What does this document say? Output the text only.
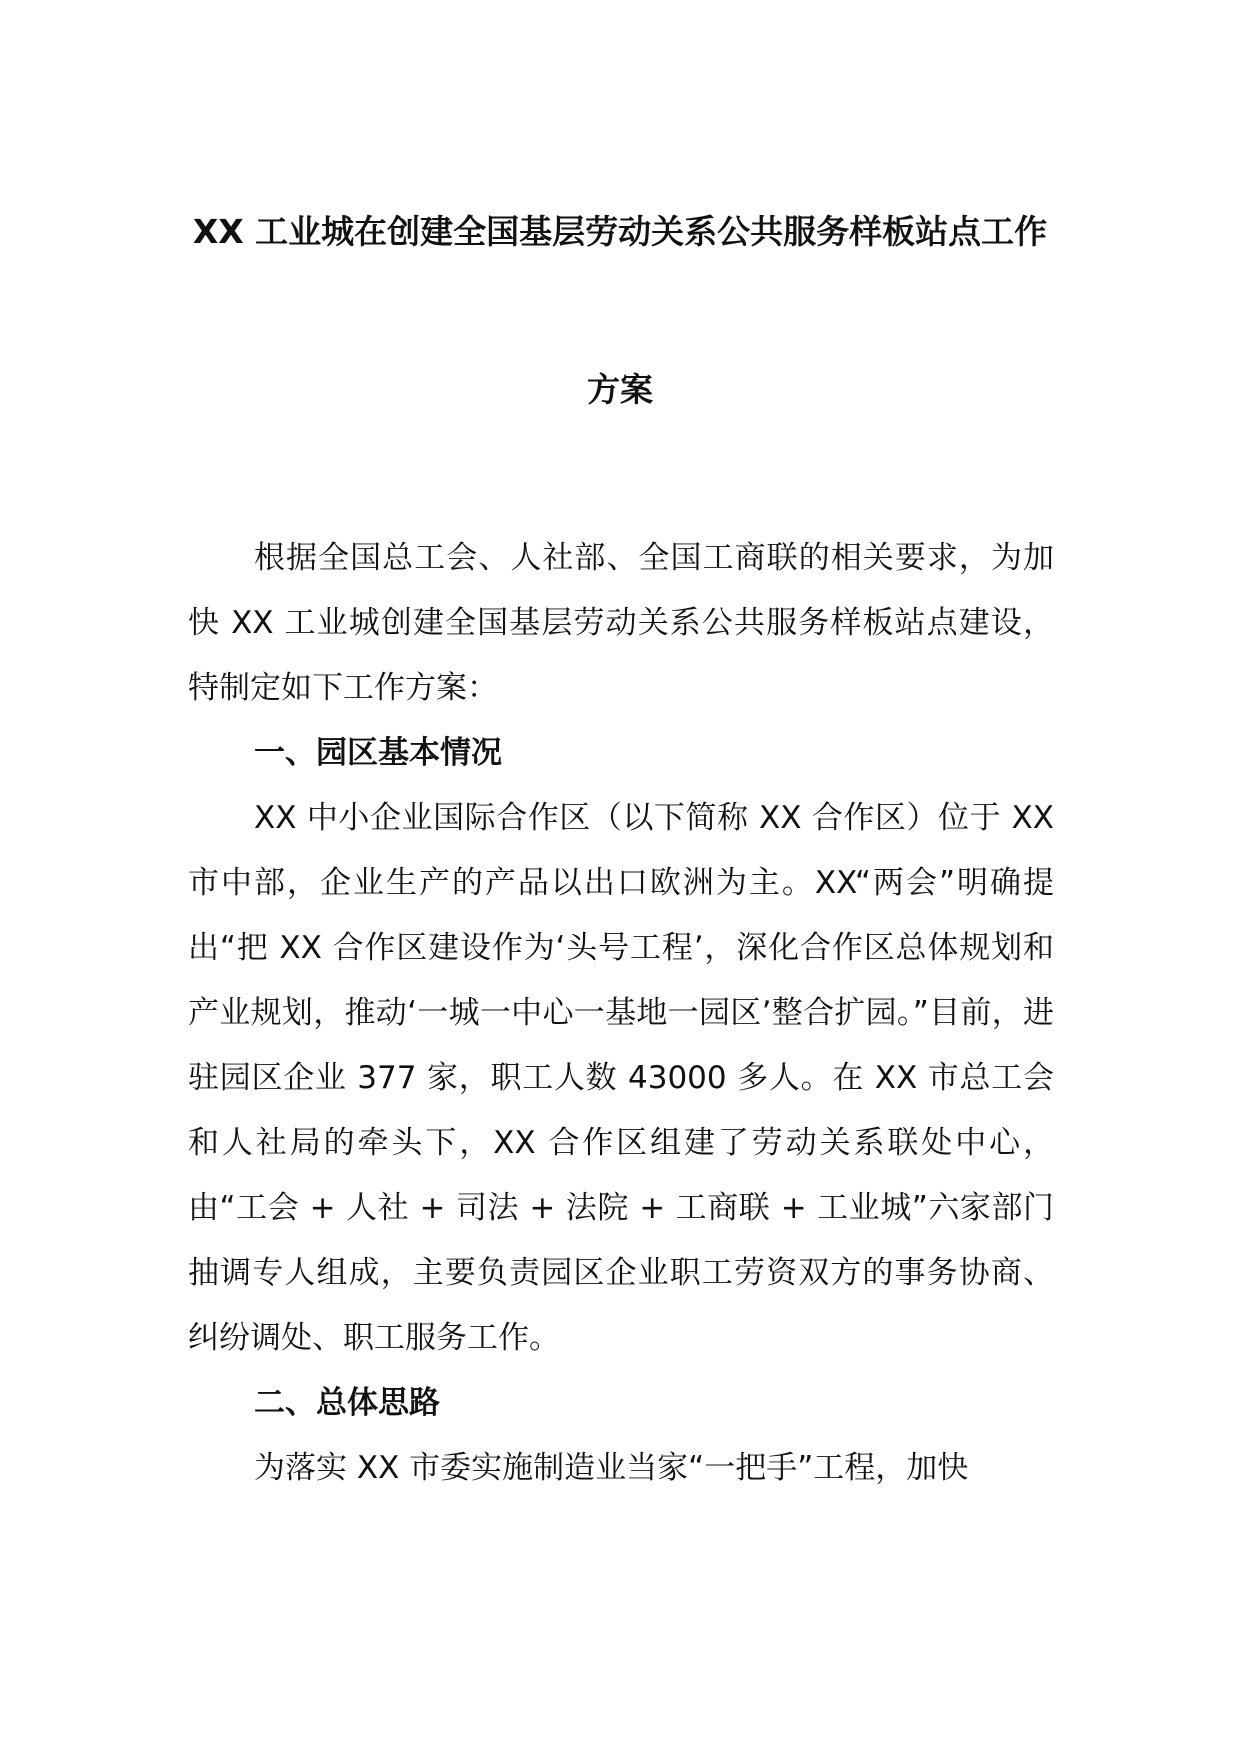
XX 工业城在创建全国基层劳动关系公共服务样板站点工作
方案

根据全国总工会、人社部、全国工商联的相关要求，为加快 XX 工业城创建全国基层劳动关系公共服务样板站点建设，特制定如下工作方案：

一、园区基本情况

XX 中小企业国际合作区（以下简称 XX 合作区）位于 XX 市中部，企业生产的产品以出口欧洲为主。XX“两会”明确提出“把 XX 合作区建设作为‘头号工程’，深化合作区总体规划和产业规划，推动‘一城一中心一基地一园区’整合扩园。”目前，进驻园区企业 377 家，职工人数 43000 多人。在 XX 市总工会和人社局的牵头下，XX 合作区组建了劳动关系联处中心，由“工会 + 人社 + 司法 + 法院 + 工商联 + 工业城”六家部门抽调专人组成，主要负责园区企业职工劳资双方的事务协商、纠纷调处、职工服务工作。

二、总体思路

为落实 XX 市委实施制造业当家“一把手”工程，加快
